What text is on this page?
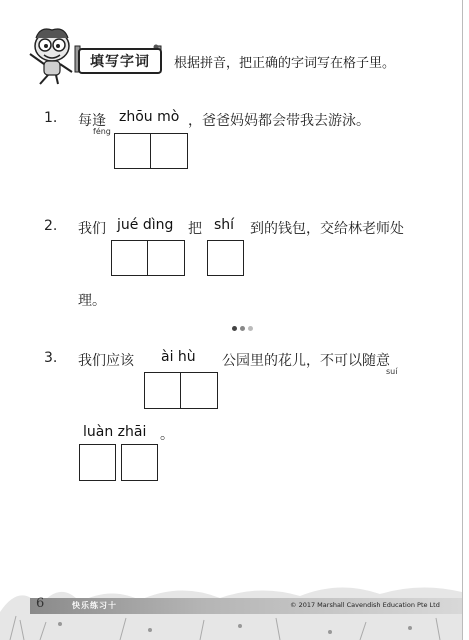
填写字词	根据拼音，把正确的字词写在格子里。
1. 每逢 zhōu mò ，爸爸妈妈都会带我去游泳。
féng
2. 我们 jué dìng 把 shí 到的钱包，交给林老师处
理。
3. 我们应该 ài hù 公园里的花儿，不可以随意
suí
luàn zhāi 。
6	快乐练习十	© 2017 Marshall Cavendish Education Pte Ltd
